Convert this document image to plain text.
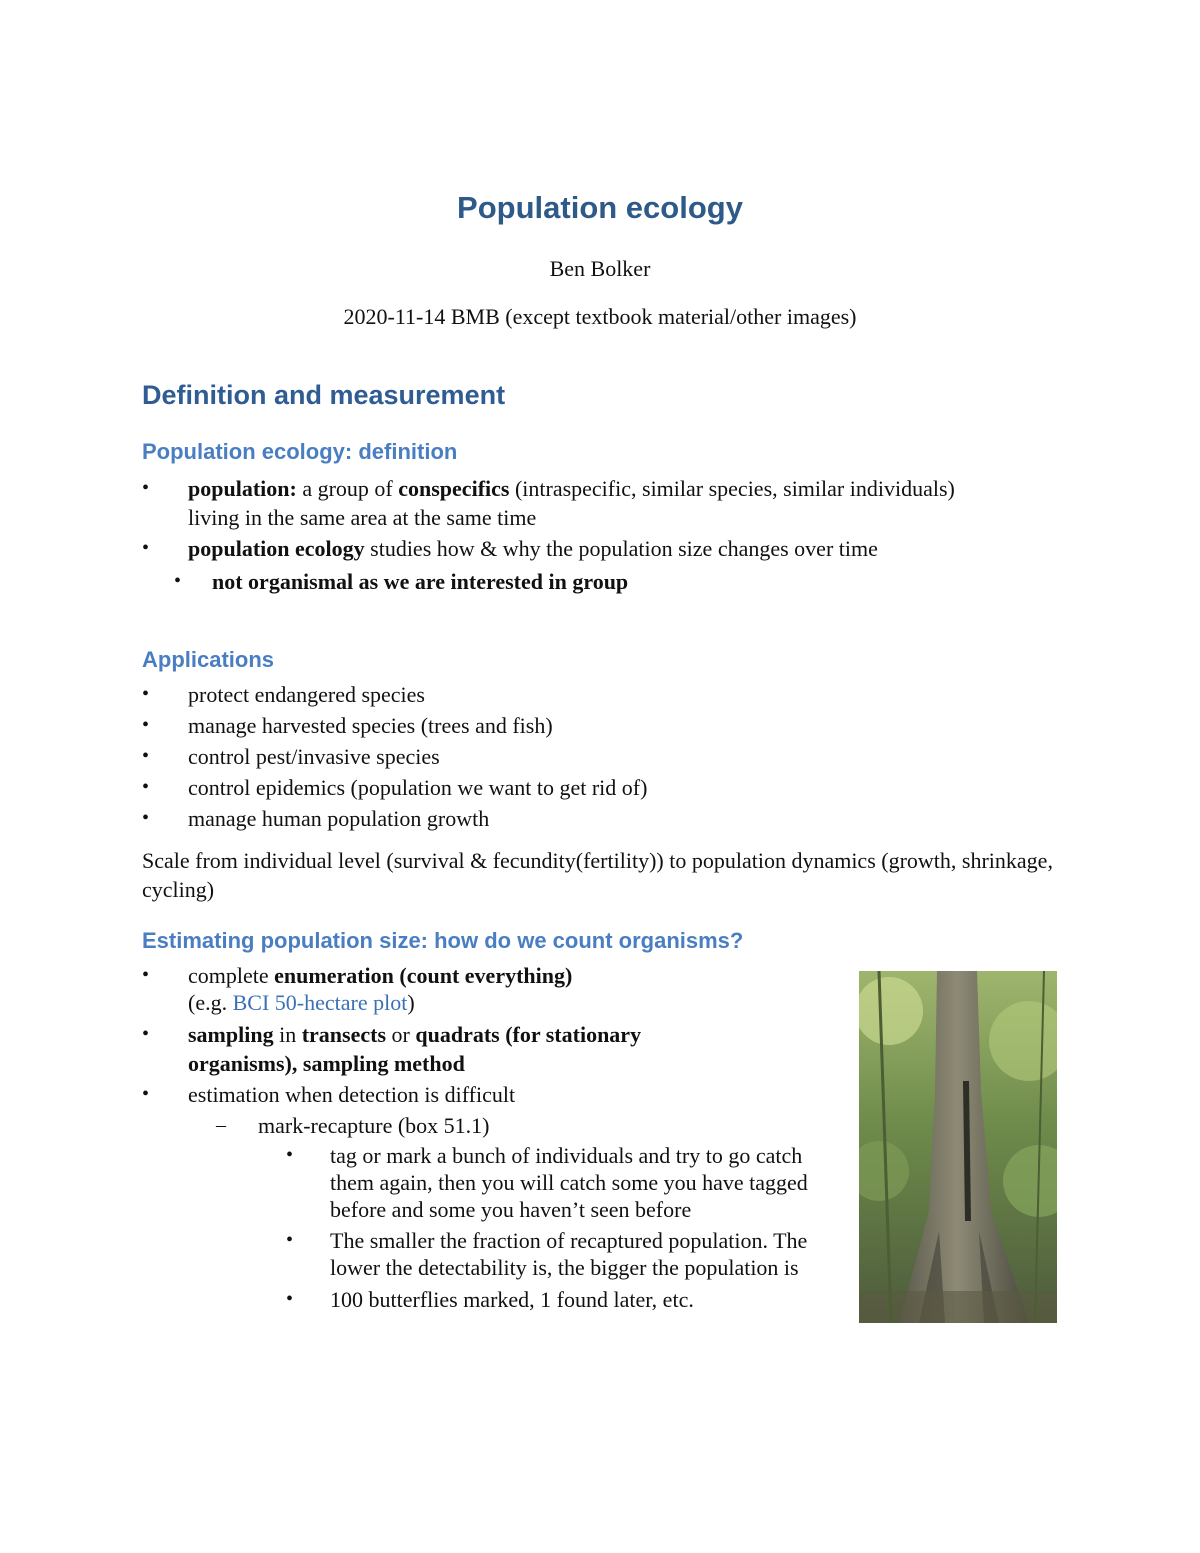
Population ecology
Ben Bolker
2020-11-14 BMB (except textbook material/other images)
Definition and measurement
Population ecology: definition
•	population: a group of conspecifics (intraspecific, similar species, similar individuals) living in the same area at the same time
•	population ecology studies how & why the population size changes over time
•	not organismal as we are interested in group
Applications
•	protect endangered species
•	manage harvested species (trees and fish)
•	control pest/invasive species
•	control epidemics (population we want to get rid of)
•	manage human population growth

Scale from individual level (survival & fecundity(fertility)) to population dynamics (growth, shrinkage, cycling)

Estimating population size: how do we count organisms?
•	complete enumeration (count everything)
(e.g. BCI 50-hectare plot)
•	sampling in transects or quadrats (for stationary organisms), sampling method
•	estimation when detection is difficult
–	mark-recapture (box 51.1)
•	tag or mark a bunch of individuals and try to go catch them again, then you will catch some you have tagged before and some you haven’t seen before
•	The smaller the fraction of recaptured population. The lower the detectability is, the bigger the population is
•	100 butterflies marked, 1 found later, etc.
